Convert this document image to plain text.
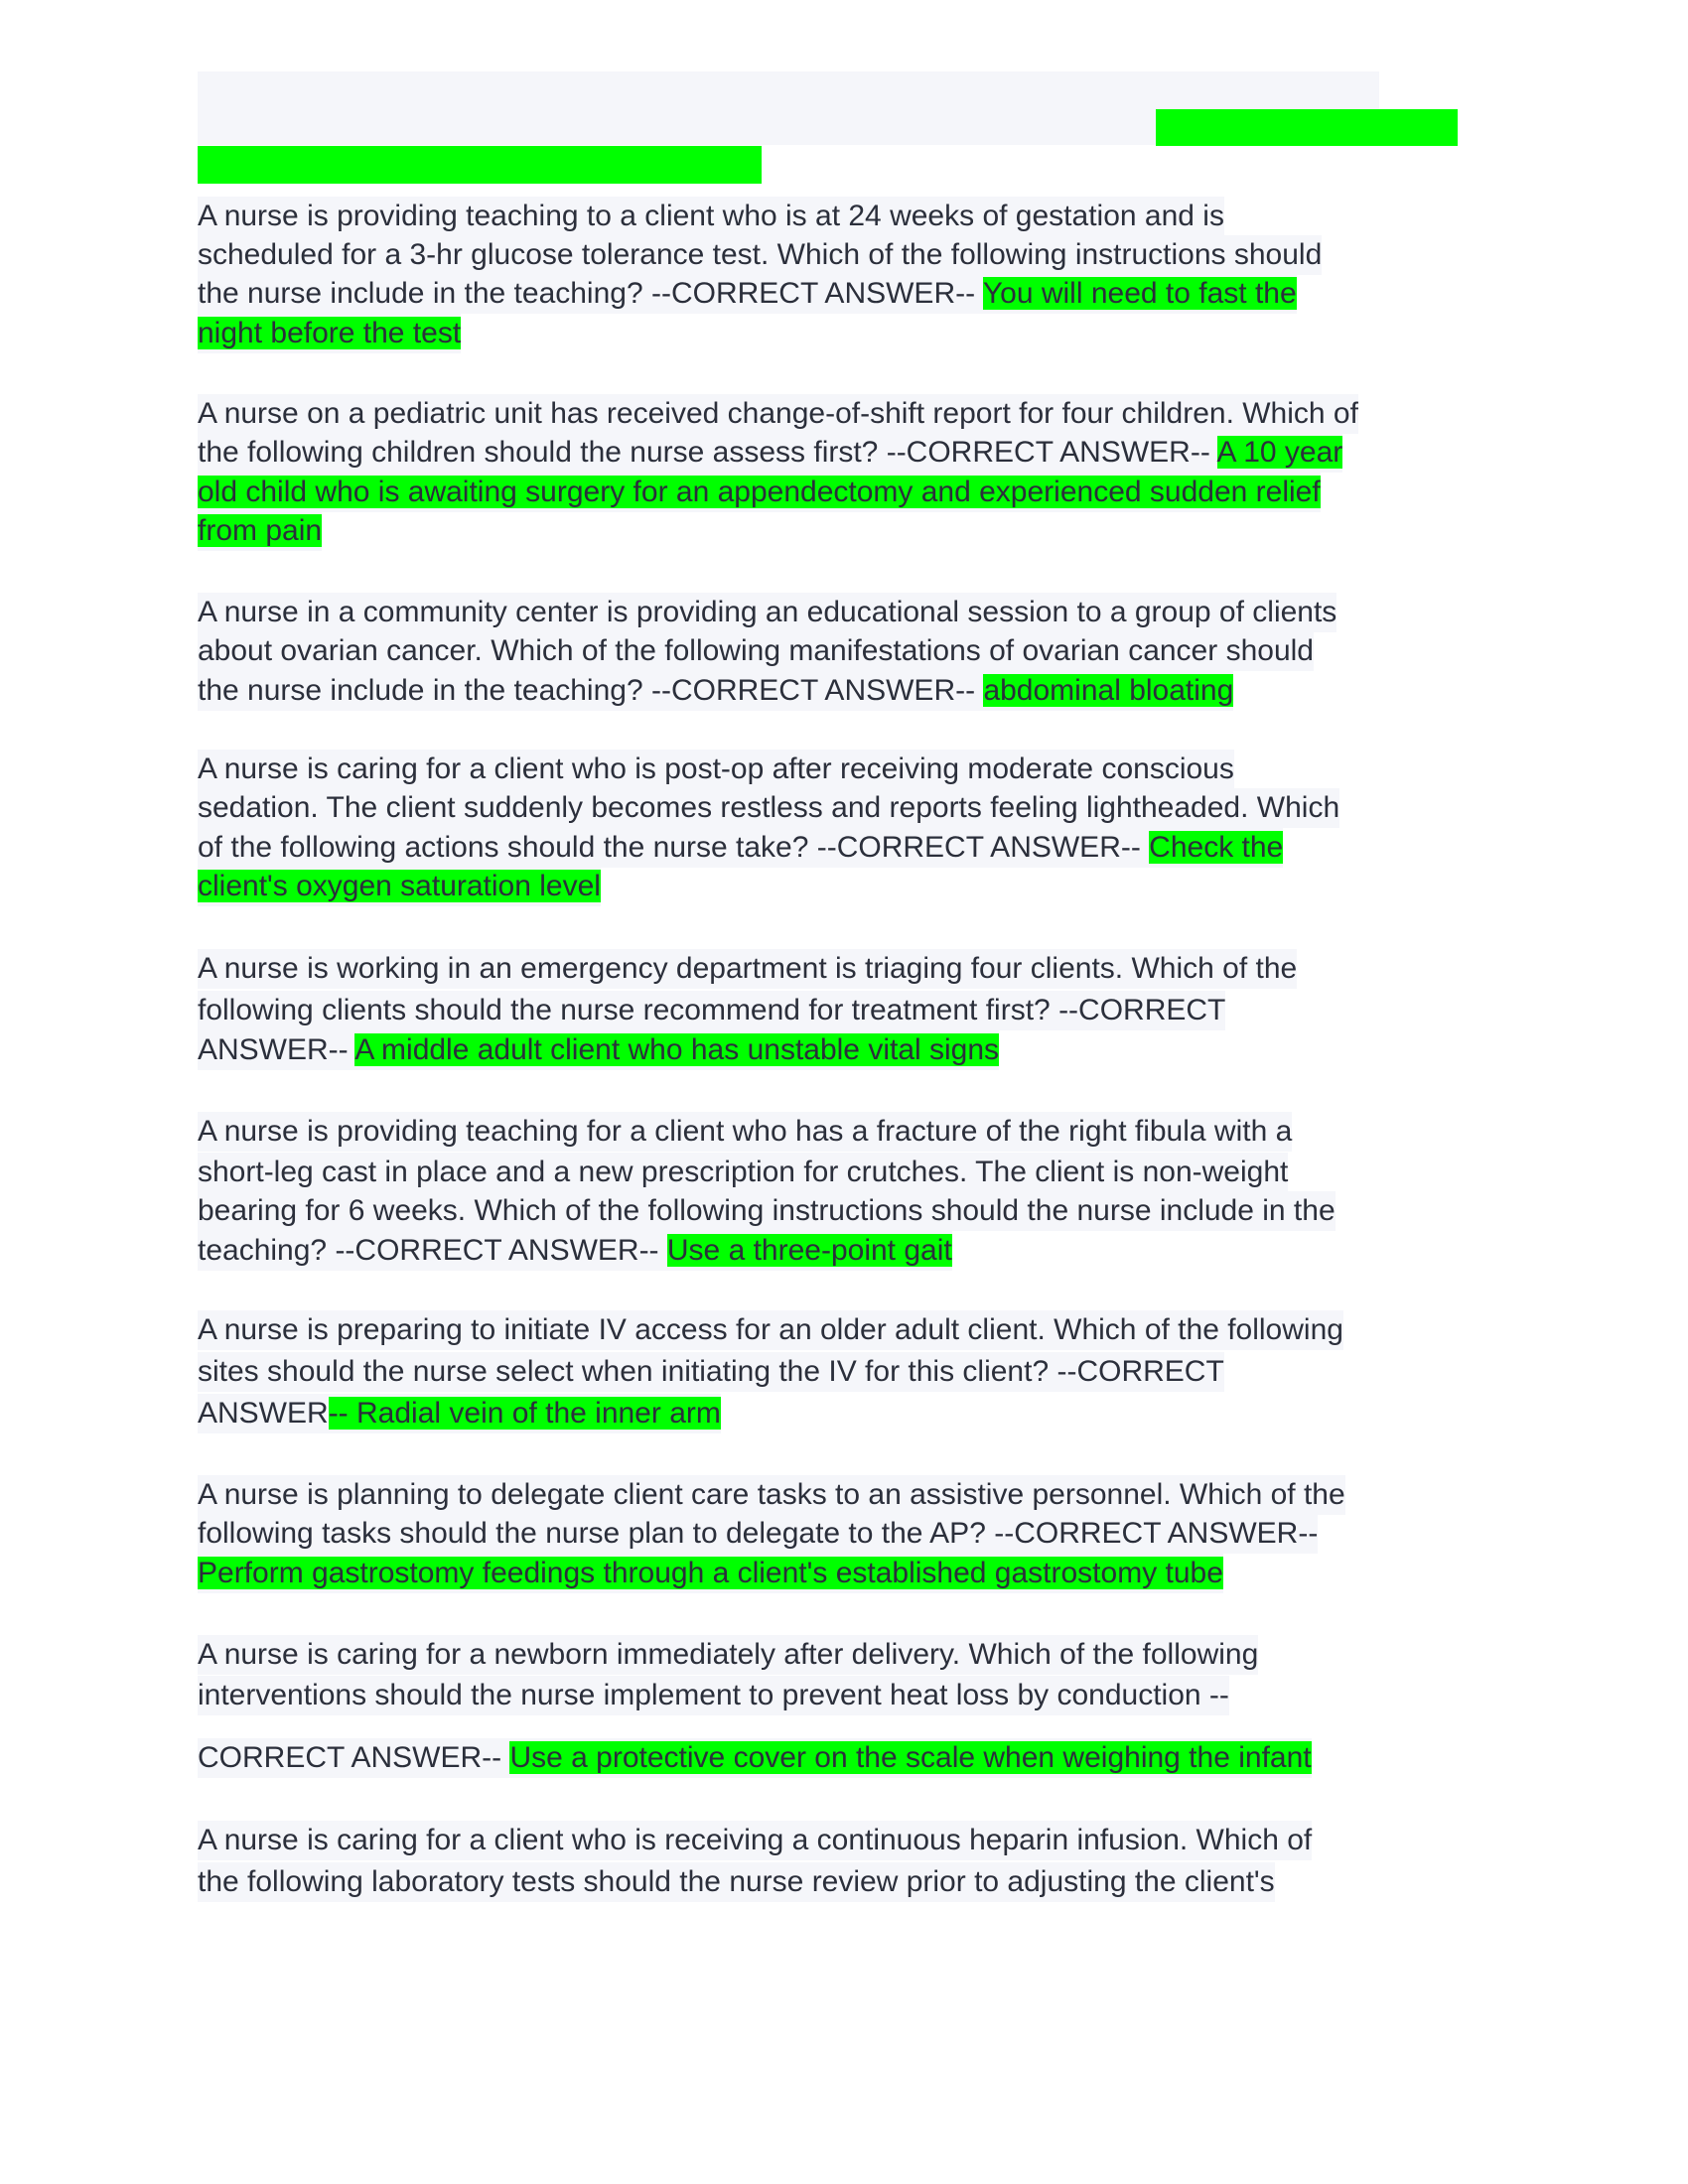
A nurse is providing teaching to a client who is at 24 weeks of gestation and is
scheduled for a 3-hr glucose tolerance test. Which of the following instructions should
the nurse include in the teaching? --CORRECT ANSWER-- You will need to fast the
night before the test
A nurse on a pediatric unit has received change-of-shift report for four children. Which of
the following children should the nurse assess first? --CORRECT ANSWER-- A 10 year
old child who is awaiting surgery for an appendectomy and experienced sudden relief
from pain
A nurse in a community center is providing an educational session to a group of clients
about ovarian cancer. Which of the following manifestations of ovarian cancer should
the nurse include in the teaching? --CORRECT ANSWER-- abdominal bloating
A nurse is caring for a client who is post-op after receiving moderate conscious
sedation. The client suddenly becomes restless and reports feeling lightheaded. Which
of the following actions should the nurse take? --CORRECT ANSWER-- Check the
client's oxygen saturation level
A nurse is working in an emergency department is triaging four clients. Which of the
following clients should the nurse recommend for treatment first? --CORRECT
ANSWER-- A middle adult client who has unstable vital signs
A nurse is providing teaching for a client who has a fracture of the right fibula with a
short-leg cast in place and a new prescription for crutches. The client is non-weight
bearing for 6 weeks. Which of the following instructions should the nurse include in the
teaching? --CORRECT ANSWER-- Use a three-point gait
A nurse is preparing to initiate IV access for an older adult client. Which of the following
sites should the nurse select when initiating the IV for this client? --CORRECT
ANSWER-- Radial vein of the inner arm
A nurse is planning to delegate client care tasks to an assistive personnel. Which of the
following tasks should the nurse plan to delegate to the AP? --CORRECT ANSWER--
Perform gastrostomy feedings through a client's established gastrostomy tube
A nurse is caring for a newborn immediately after delivery. Which of the following
interventions should the nurse implement to prevent heat loss by conduction --
CORRECT ANSWER-- Use a protective cover on the scale when weighing the infant
A nurse is caring for a client who is receiving a continuous heparin infusion. Which of
the following laboratory tests should the nurse review prior to adjusting the client's
